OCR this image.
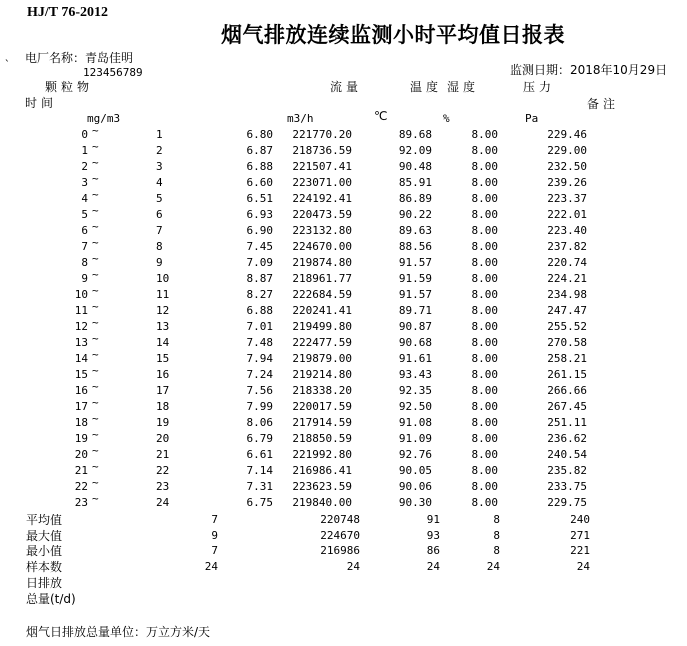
HJ/T 76-2012
烟气排放连续监测小时平均值日报表
电厂名称：青岛佳明
`
123456789	监测日期：2018年10月29日
颗粒物	流量	温度 湿度	压力
时间	备注
mg/m3	m3/h	℃	%	Pa
0 ~	1	6.80	221770.20	89.68	8.00	229.46
1 ~	2	6.87	218736.59	92.09	8.00	229.00
2 ~	3	6.88	221507.41	90.48	8.00	232.50
3 ~	4	6.60	223071.00	85.91	8.00	239.26
4 ~	5	6.51	224192.41	86.89	8.00	223.37
5 ~	6	6.93	220473.59	90.22	8.00	222.01
6 ~	7	6.90	223132.80	89.63	8.00	223.40
7 ~	8	7.45	224670.00	88.56	8.00	237.82
8 ~	9	7.09	219874.80	91.57	8.00	220.74
9 ~	10	8.87	218961.77	91.59	8.00	224.21
10 ~	11	8.27	222684.59	91.57	8.00	234.98
11 ~	12	6.88	220241.41	89.71	8.00	247.47
12 ~	13	7.01	219499.80	90.87	8.00	255.52
13 ~	14	7.48	222477.59	90.68	8.00	270.58
14 ~	15	7.94	219879.00	91.61	8.00	258.21
15 ~	16	7.24	219214.80	93.43	8.00	261.15
16 ~	17	7.56	218338.20	92.35	8.00	266.66
17 ~	18	7.99	220017.59	92.50	8.00	267.45
18 ~	19	8.06	217914.59	91.08	8.00	251.11
19 ~	20	6.79	218850.59	91.09	8.00	236.62
20 ~	21	6.61	221992.80	92.76	8.00	240.54
21 ~	22	7.14	216986.41	90.05	8.00	235.82
22 ~	23	7.31	223623.59	90.06	8.00	233.75
23 ~	24	6.75	219840.00	90.30	8.00	229.75
平均值	7	220748	91	8	240
最大值	9	224670	93	8	271
最小值	7	216986	86	8	221
样本数	24	24	24	24	24
日排放
总量(t/d)
烟气日排放总量单位：万立方米/天
